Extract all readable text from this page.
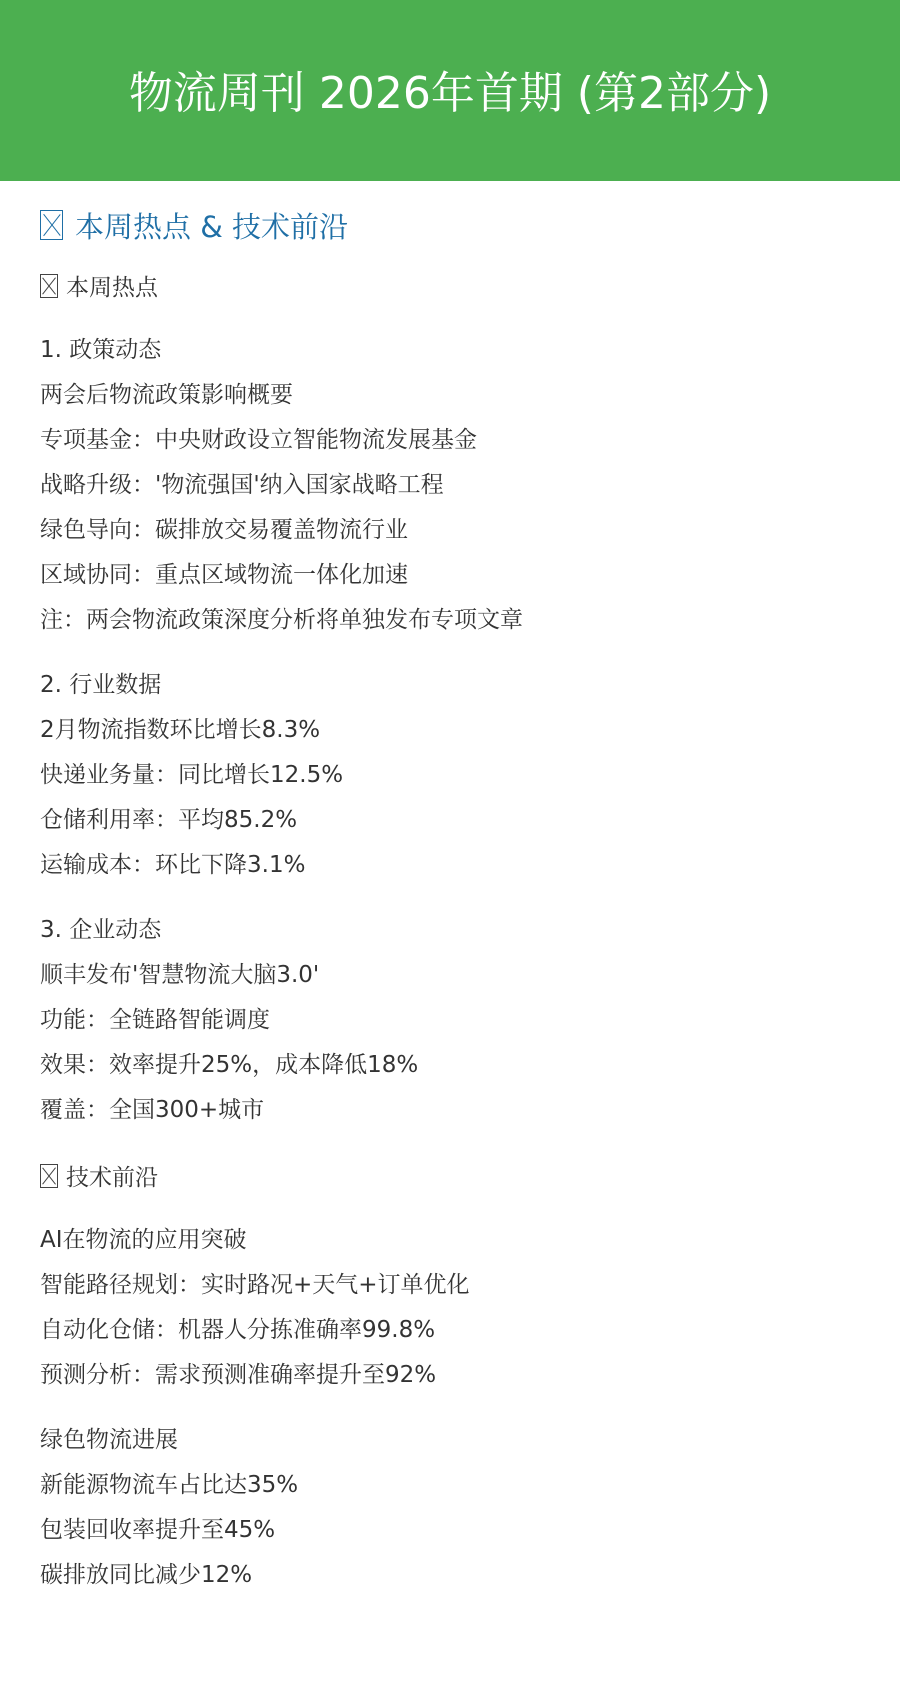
物流周刊 2026年首期 (第2部分)
本周热点 & 技术前沿
本周热点
1. 政策动态
两会后物流政策影响概要
专项基金：中央财政设立智能物流发展基金
战略升级：'物流强国'纳入国家战略工程
绿色导向：碳排放交易覆盖物流行业
区域协同：重点区域物流一体化加速
注：两会物流政策深度分析将单独发布专项文章
2. 行业数据
2月物流指数环比增长8.3%
快递业务量：同比增长12.5%
仓储利用率：平均85.2%
运输成本：环比下降3.1%
3. 企业动态
顺丰发布'智慧物流大脑3.0'
功能：全链路智能调度
效果：效率提升25%，成本降低18%
覆盖：全国300+城市
技术前沿
AI在物流的应用突破
智能路径规划：实时路况+天气+订单优化
自动化仓储：机器人分拣准确率99.8%
预测分析：需求预测准确率提升至92%
绿色物流进展
新能源物流车占比达35%
包装回收率提升至45%
碳排放同比减少12%
